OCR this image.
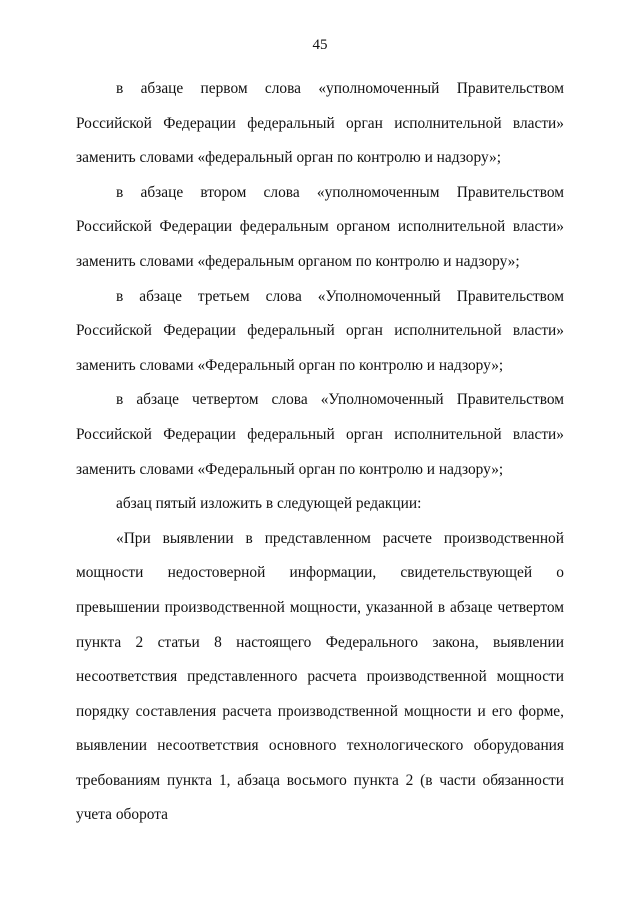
45

в абзаце первом слова «уполномоченный Правительством Российской Федерации федеральный орган исполнительной власти» заменить словами «федеральный орган по контролю и надзору»;

в абзаце втором слова «уполномоченным Правительством Российской Федерации федеральным органом исполнительной власти» заменить словами «федеральным органом по контролю и надзору»;

в абзаце третьем слова «Уполномоченный Правительством Российской Федерации федеральный орган исполнительной власти» заменить словами «Федеральный орган по контролю и надзору»;

в абзаце четвертом слова «Уполномоченный Правительством Российской Федерации федеральный орган исполнительной власти» заменить словами «Федеральный орган по контролю и надзору»;

абзац пятый изложить в следующей редакции:

«При выявлении в представленном расчете производственной мощности недостоверной информации, свидетельствующей о превышении производственной мощности, указанной в абзаце четвертом пункта 2 статьи 8 настоящего Федерального закона, выявлении несоответствия представленного расчета производственной мощности порядку составления расчета производственной мощности и его форме, выявлении несоответствия основного технологического оборудования требованиям пункта 1, абзаца восьмого пункта 2 (в части обязанности учета оборота
